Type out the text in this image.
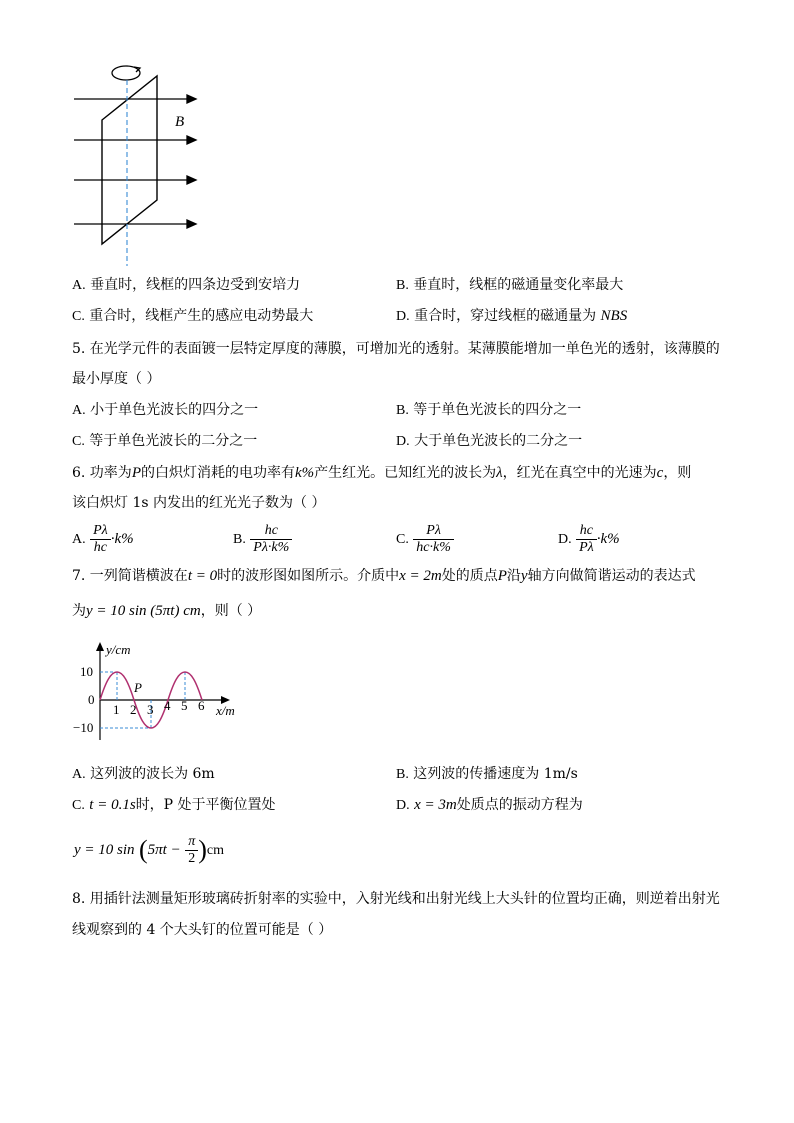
B
A. 垂直时，线框的四条边受到安培力	B. 垂直时，线框的磁通量变化率最大
C. 重合时，线框产生的感应电动势最大	D. 重合时，穿过线框的磁通量为 NBS
5. 在光学元件的表面镀一层特定厚度的薄膜，可增加光的透射。某薄膜能增加一单色光的透射，该薄膜的
最小厚度（ ）
A. 小于单色光波长的四分之一	B. 等于单色光波长的四分之一
C. 等于单色光波长的二分之一	D. 大于单色光波长的二分之一
6. 功率为P的白炽灯消耗的电功率有k%产生红光。已知红光的波长为λ，红光在真空中的光速为c，则
该白炽灯 1s 内发出的红光光子数为（ ）
A. $\frac{P\lambda}{hc} \cdot k\%$	B. $\frac{hc}{P\lambda\cdot k\%}$	C. $\frac{P\lambda}{hc\cdot k\%}$	D. $\frac{hc}{P\lambda} \cdot k\%$
7. 一列简谐横波在t = 0时的波形图如图所示。介质中x = 2m处的质点P沿y轴方向做简谐运动的表达式
为y = 10 sin (5πt) cm，则（ ）
y/cm
x/m
10
0
−10
1 2 3 4 5 6
P
A. 这列波的波长为 6m	B. 这列波的传播速度为 1m/s
C. t = 0.1s时，P 处于平衡位置处	D. x = 3m处质点的振动方程为
y = 10 $\sin (5\pi t - \frac{\pi}{2} )cm$
8. 用插针法测量矩形玻璃砖折射率的实验中，入射光线和出射光线上大头针的位置均正确，则逆着出射光
线观察到的 4 个大头钉的位置可能是（ ）
